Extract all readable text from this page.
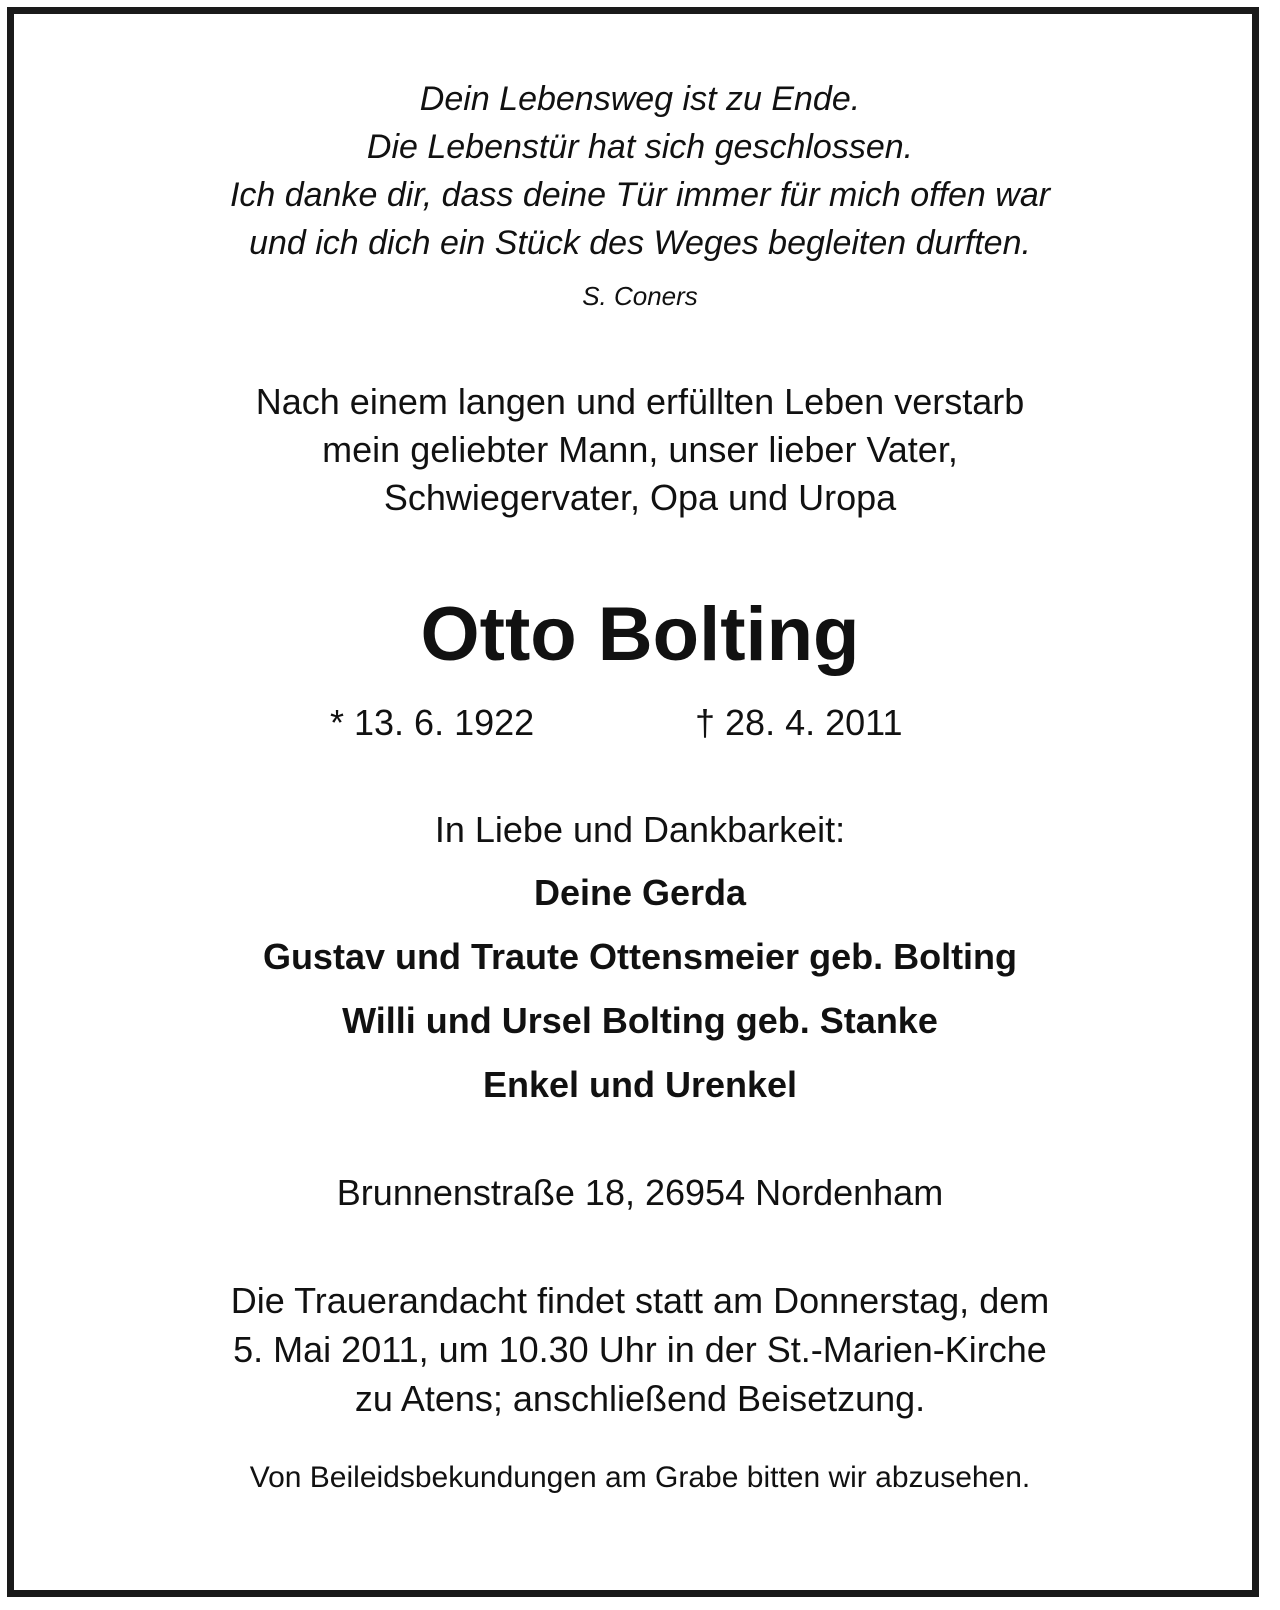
Dein Lebensweg ist zu Ende.
Die Lebenstür hat sich geschlossen.
Ich danke dir, dass deine Tür immer für mich offen war
und ich dich ein Stück des Weges begleiten durften.
S. Coners
Nach einem langen und erfüllten Leben verstarb
mein geliebter Mann, unser lieber Vater,
Schwiegervater, Opa und Uropa
Otto Bolting
* 13. 6. 1922	† 28. 4. 2011
In Liebe und Dankbarkeit:
Deine Gerda
Gustav und Traute Ottensmeier geb. Bolting
Willi und Ursel Bolting geb. Stanke
Enkel und Urenkel
Brunnenstraße 18, 26954 Nordenham
Die Trauerandacht findet statt am Donnerstag, dem
5. Mai 2011, um 10.30 Uhr in der St.-Marien-Kirche
zu Atens; anschließend Beisetzung.
Von Beileidsbekundungen am Grabe bitten wir abzusehen.
